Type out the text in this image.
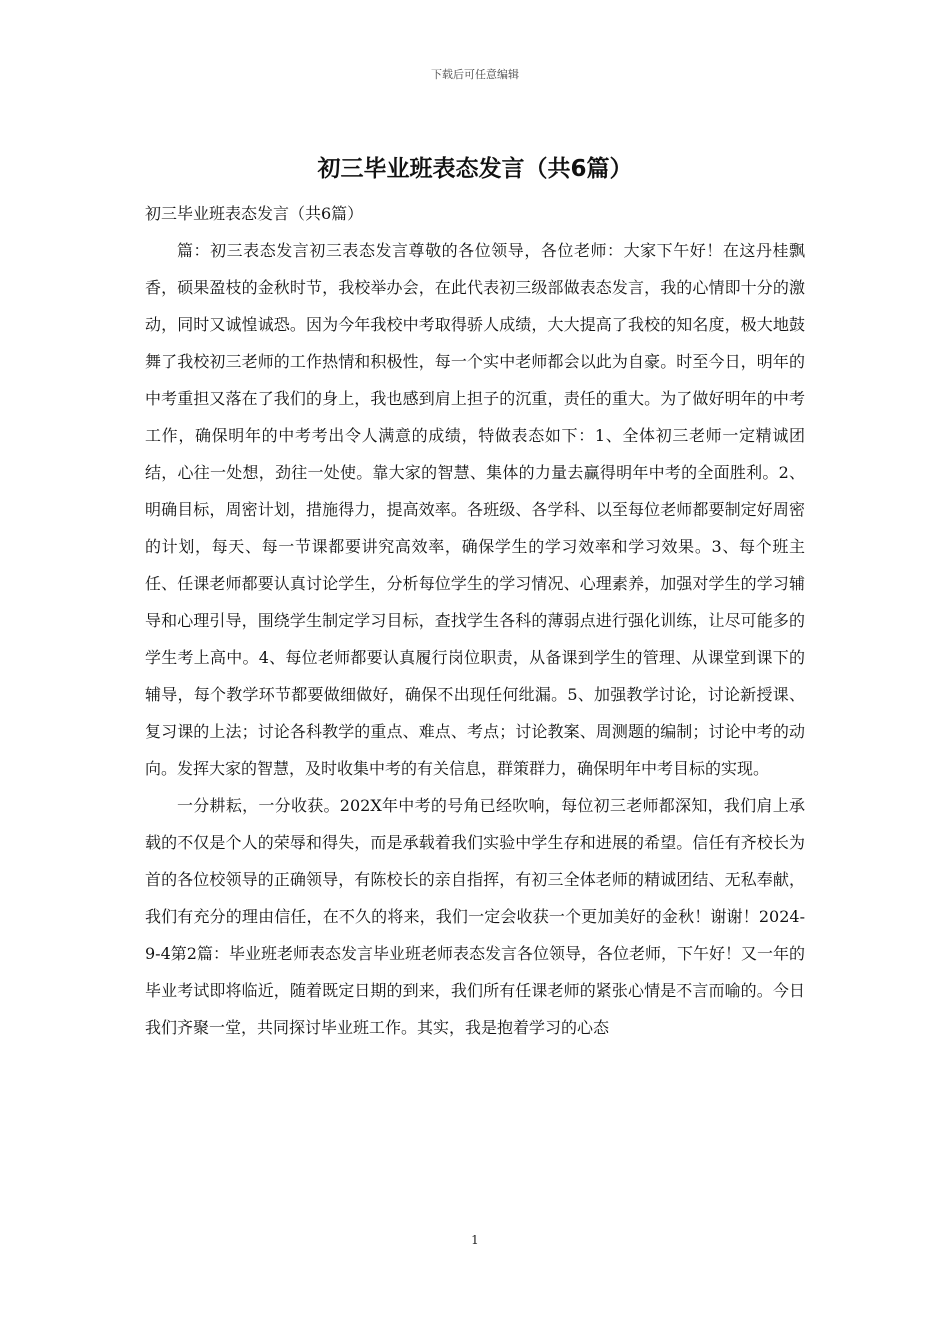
下载后可任意编辑
初三毕业班表态发言（共6篇）

初三毕业班表态发言（共6篇）

篇：初三表态发言初三表态发言尊敬的各位领导，各位老师：大家下午好！在这丹桂飘香，硕果盈枝的金秋时节，我校举办会，在此代表初三级部做表态发言，我的心情即十分的激动，同时又诚惶诚恐。因为今年我校中考取得骄人成绩，大大提高了我校的知名度，极大地鼓舞了我校初三老师的工作热情和积极性，每一个实中老师都会以此为自豪。时至今日，明年的中考重担又落在了我们的身上，我也感到肩上担子的沉重，责任的重大。为了做好明年的中考工作，确保明年的中考考出令人满意的成绩，特做表态如下：1、全体初三老师一定精诚团结，心往一处想，劲往一处使。靠大家的智慧、集体的力量去赢得明年中考的全面胜利。2、明确目标，周密计划，措施得力，提高效率。各班级、各学科、以至每位老师都要制定好周密的计划，每天、每一节课都要讲究高效率，确保学生的学习效率和学习效果。3、每个班主任、任课老师都要认真讨论学生，分析每位学生的学习情况、心理素养，加强对学生的学习辅导和心理引导，围绕学生制定学习目标，查找学生各科的薄弱点进行强化训练，让尽可能多的学生考上高中。4、每位老师都要认真履行岗位职责，从备课到学生的管理、从课堂到课下的辅导，每个教学环节都要做细做好，确保不出现任何纰漏。5、加强教学讨论，讨论新授课、复习课的上法；讨论各科教学的重点、难点、考点；讨论教案、周测题的编制；讨论中考的动向。发挥大家的智慧，及时收集中考的有关信息，群策群力，确保明年中考目标的实现。

一分耕耘，一分收获。202X年中考的号角已经吹响，每位初三老师都深知，我们肩上承载的不仅是个人的荣辱和得失，而是承载着我们实验中学生存和进展的希望。信任有齐校长为首的各位校领导的正确领导，有陈校长的亲自指挥，有初三全体老师的精诚团结、无私奉献，我们有充分的理由信任，在不久的将来，我们一定会收获一个更加美好的金秋！谢谢！2024-9-4第2篇：毕业班老师表态发言毕业班老师表态发言各位领导，各位老师，下午好！又一年的毕业考试即将临近，随着既定日期的到来，我们所有任课老师的紧张心情是不言而喻的。今日我们齐聚一堂，共同探讨毕业班工作。其实，我是抱着学习的心态

1
